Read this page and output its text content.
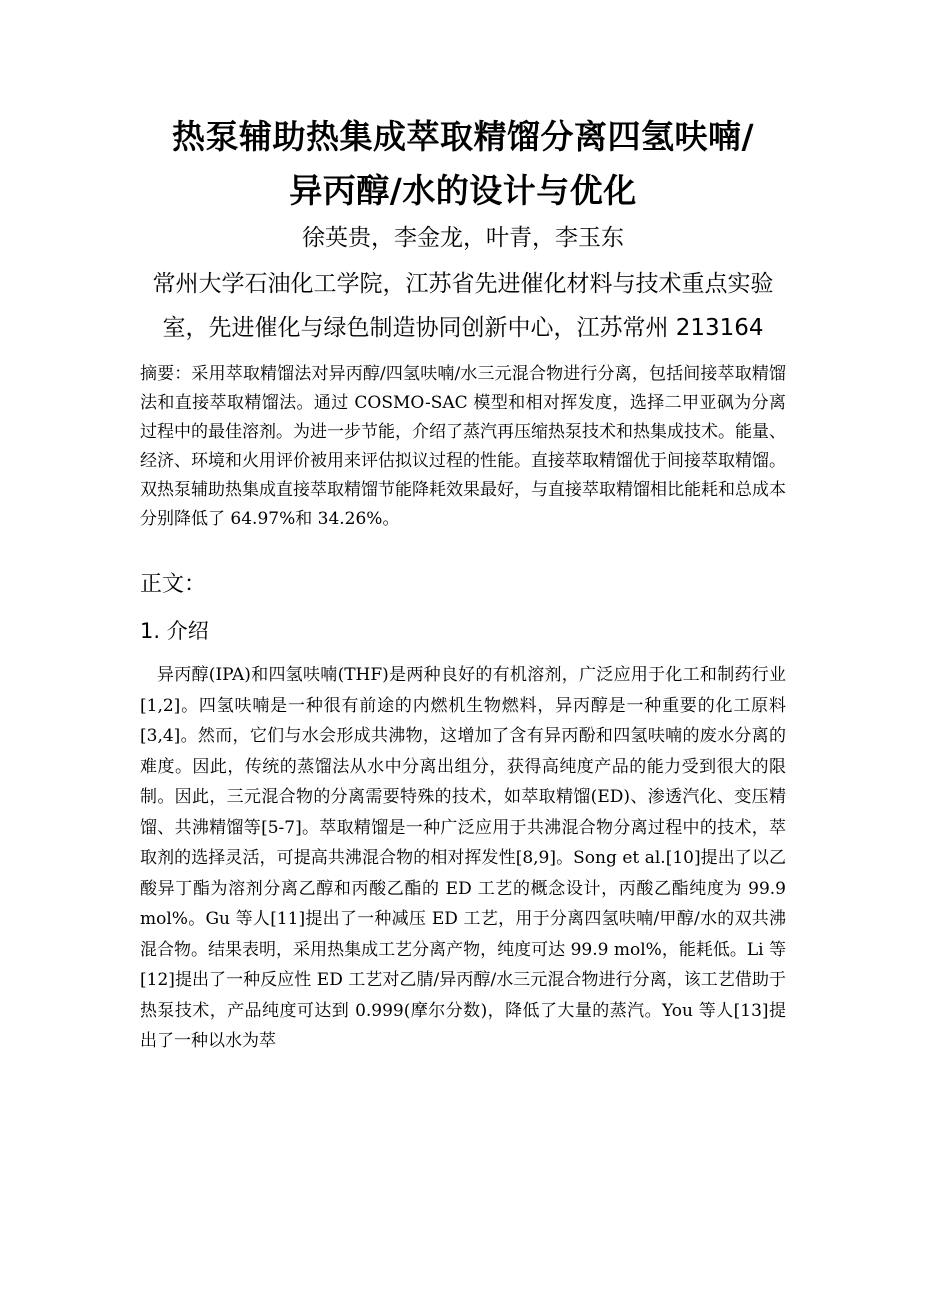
热泵辅助热集成萃取精馏分离四氢呋喃/
异丙醇/水的设计与优化
徐英贵，李金龙，叶青，李玉东
常州大学石油化工学院，江苏省先进催化材料与技术重点实验室，先进催化与绿色制造协同创新中心，江苏常州 213164
摘要：采用萃取精馏法对异丙醇/四氢呋喃/水三元混合物进行分离，包括间接萃取精馏法和直接萃取精馏法。通过 COSMO-SAC 模型和相对挥发度，选择二甲亚砜为分离过程中的最佳溶剂。为进一步节能，介绍了蒸汽再压缩热泵技术和热集成技术。能量、经济、环境和火用评价被用来评估拟议过程的性能。直接萃取精馏优于间接萃取精馏。双热泵辅助热集成直接萃取精馏节能降耗效果最好，与直接萃取精馏相比能耗和总成本分别降低了 64.97%和 34.26%。
正文：
1. 介绍
异丙醇(IPA)和四氢呋喃(THF)是两种良好的有机溶剂，广泛应用于化工和制药行业[1,2]。四氢呋喃是一种很有前途的内燃机生物燃料，异丙醇是一种重要的化工原料[3,4]。然而，它们与水会形成共沸物，这增加了含有异丙酚和四氢呋喃的废水分离的难度。因此，传统的蒸馏法从水中分离出组分，获得高纯度产品的能力受到很大的限制。因此，三元混合物的分离需要特殊的技术，如萃取精馏(ED)、渗透汽化、变压精馏、共沸精馏等[5-7]。萃取精馏是一种广泛应用于共沸混合物分离过程中的技术，萃取剂的选择灵活，可提高共沸混合物的相对挥发性[8,9]。Song et al.[10]提出了以乙酸异丁酯为溶剂分离乙醇和丙酸乙酯的 ED 工艺的概念设计，丙酸乙酯纯度为 99.9 mol%。Gu 等人[11]提出了一种减压 ED 工艺，用于分离四氢呋喃/甲醇/水的双共沸混合物。结果表明，采用热集成工艺分离产物，纯度可达 99.9 mol%，能耗低。Li 等[12]提出了一种反应性 ED 工艺对乙腈/异丙醇/水三元混合物进行分离，该工艺借助于热泵技术，产品纯度可达到 0.999(摩尔分数)，降低了大量的蒸汽。You 等人[13]提出了一种以水为萃
